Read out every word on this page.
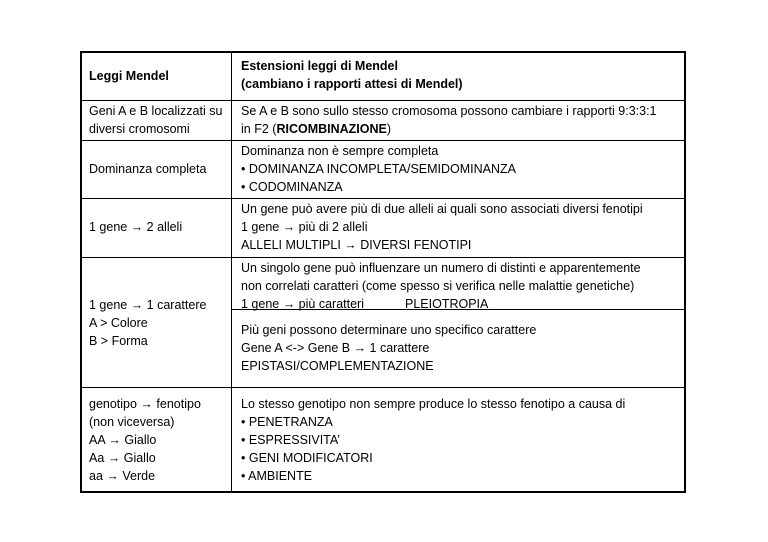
Leggi Mendel
Estensioni leggi di Mendel
(cambiano i rapporti attesi di Mendel)
Geni A e B localizzati su
diversi cromosomi
Se A e B sono sullo stesso cromosoma possono cambiare i rapporti 9:3:3:1
in F2 (RICOMBINAZIONE)
Dominanza completa
Dominanza non è sempre completa
• DOMINANZA INCOMPLETA/SEMIDOMINANZA
• CODOMINANZA
1 gene → 2 alleli
Un gene può avere più di due alleli ai quali sono associati diversi fenotipi
1 gene → più di 2 alleli
ALLELI MULTIPLI → DIVERSI FENOTIPI
1 gene → 1 carattere
A > Colore
B > Forma
Un singolo gene può influenzare un numero di distinti e apparentemente
non correlati caratteri (come spesso si verifica nelle malattie genetiche)
1 gene → più caratteri	PLEIOTROPIA
Più geni possono determinare uno specifico carattere
Gene A <-> Gene B → 1 carattere
EPISTASI/COMPLEMENTAZIONE
genotipo → fenotipo
(non viceversa)
AA → Giallo
Aa → Giallo
aa → Verde
Lo stesso genotipo non sempre produce lo stesso fenotipo a causa di
• PENETRANZA
• ESPRESSIVITA’
• GENI MODIFICATORI
• AMBIENTE
